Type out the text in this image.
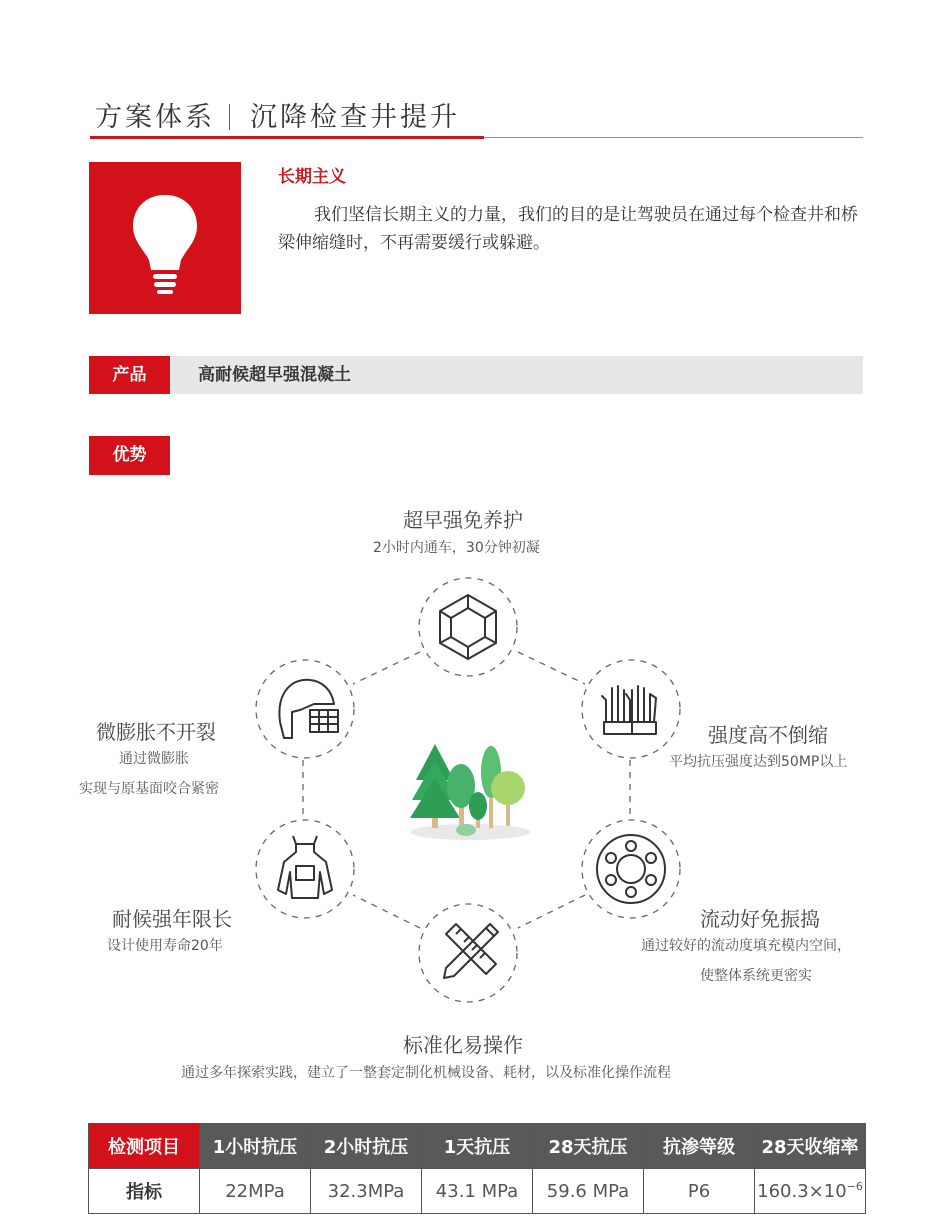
方案体系 沉降检查井提升
长期主义
我们坚信长期主义的力量，我们的目的是让驾驶员在通过每个检查井和桥梁伸缩缝时，不再需要缓行或躲避。
产品	高耐候超早强混凝土
优势
超早强免养护
2小时内通车，30分钟初凝
强度高不倒缩
平均抗压强度达到50MP以上
流动好免振捣
通过较好的流动度填充模内空间，
使整体系统更密实
标准化易操作
通过多年探索实践，建立了一整套定制化机械设备、耗材，以及标准化操作流程
耐候强年限长
设计使用寿命20年
微膨胀不开裂
通过微膨胀
实现与原基面咬合紧密
检测项目	1小时抗压	2小时抗压	1天抗压	28天抗压	抗渗等级	28天收缩率
指标	22MPa	32.3MPa	43.1 MPa	59.6 MPa	P6	$160.3\times 10^{-6}$
